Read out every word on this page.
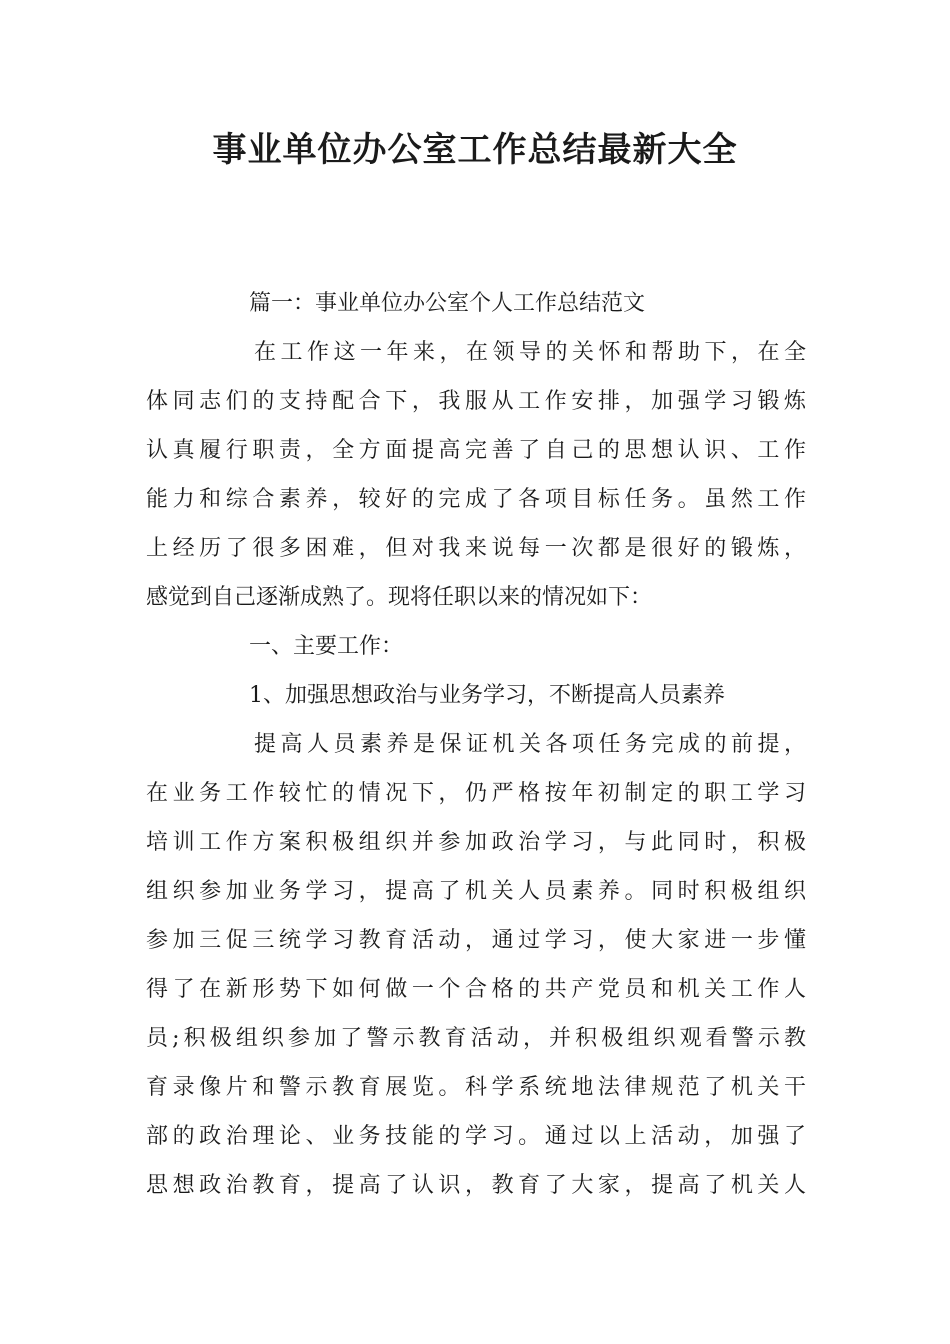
事业单位办公室工作总结最新大全
篇一：事业单位办公室个人工作总结范文
在工作这一年来，在领导的关怀和帮助下，在全
体同志们的支持配合下，我服从工作安排，加强学习锻炼
认真履行职责，全方面提高完善了自己的思想认识、工作
能力和综合素养，较好的完成了各项目标任务。虽然工作
上经历了很多困难，但对我来说每一次都是很好的锻炼，
感觉到自己逐渐成熟了。现将任职以来的情况如下：
一、主要工作：
1、加强思想政治与业务学习，不断提高人员素养
提高人员素养是保证机关各项任务完成的前提，
在业务工作较忙的情况下，仍严格按年初制定的职工学习
培训工作方案积极组织并参加政治学习，与此同时，积极
组织参加业务学习，提高了机关人员素养。同时积极组织
参加三促三统学习教育活动，通过学习，使大家进一步懂
得了在新形势下如何做一个合格的共产党员和机关工作人
员;积极组织参加了警示教育活动，并积极组织观看警示教
育录像片和警示教育展览。科学系统地法律规范了机关干
部的政治理论、业务技能的学习。通过以上活动，加强了
思想政治教育，提高了认识，教育了大家，提高了机关人
